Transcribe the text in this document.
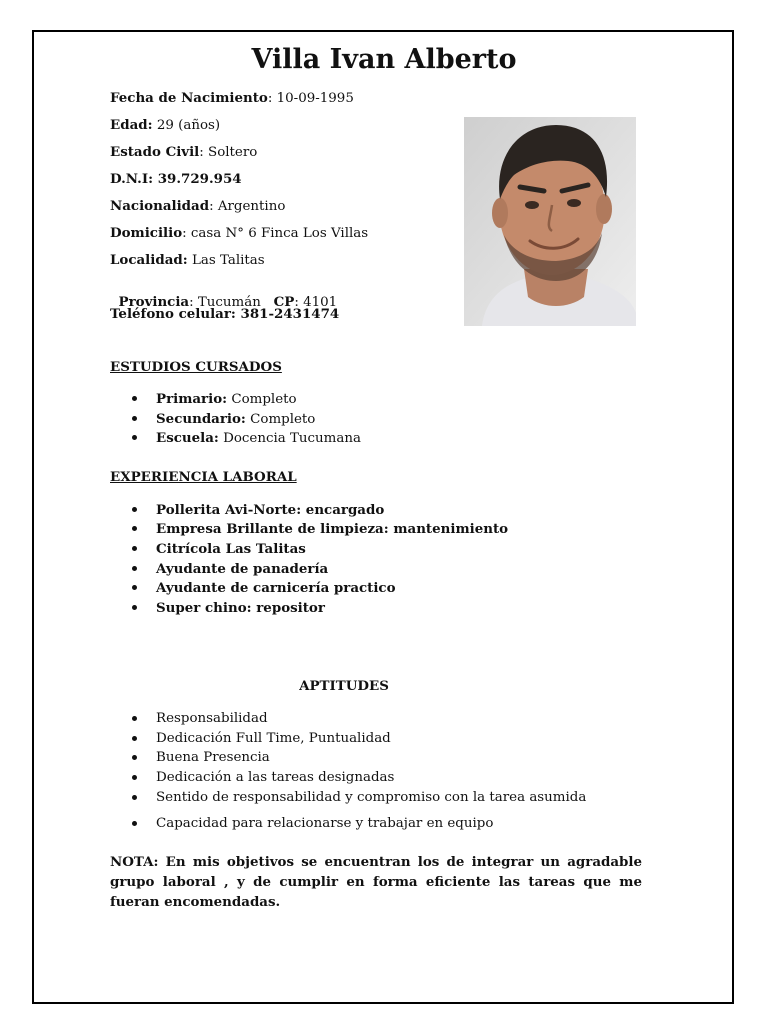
Villa Ivan Alberto
Fecha de Nacimiento: 10-09-1995
Edad: 29 (años)
Estado Civil: Soltero
D.N.I: 39.729.954
Nacionalidad: Argentino
Domicilio: casa N° 6 Finca Los Villas
Localidad: Las Talitas

Provincia: Tucumán   CP: 4101

Teléfono celular: 381-2431474
ESTUDIOS CURSADOS
Primario: Completo
Secundario: Completo
Escuela: Docencia Tucumana
EXPERIENCIA LABORAL
Pollerita Avi-Norte: encargado
Empresa Brillante de limpieza: mantenimiento
Citrícola Las Talitas
Ayudante de panadería
Ayudante de carnicería practico
Super chino: repositor
APTITUDES
Responsabilidad
Dedicación Full Time, Puntualidad
Buena Presencia
Dedicación a las tareas designadas
Sentido de responsabilidad y compromiso con la tarea asumida
Capacidad para relacionarse y trabajar en equipo
NOTA: En mis objetivos se encuentran los de integrar un agradable grupo laboral , y de cumplir en forma eficiente las tareas que me fueran encomendadas.
